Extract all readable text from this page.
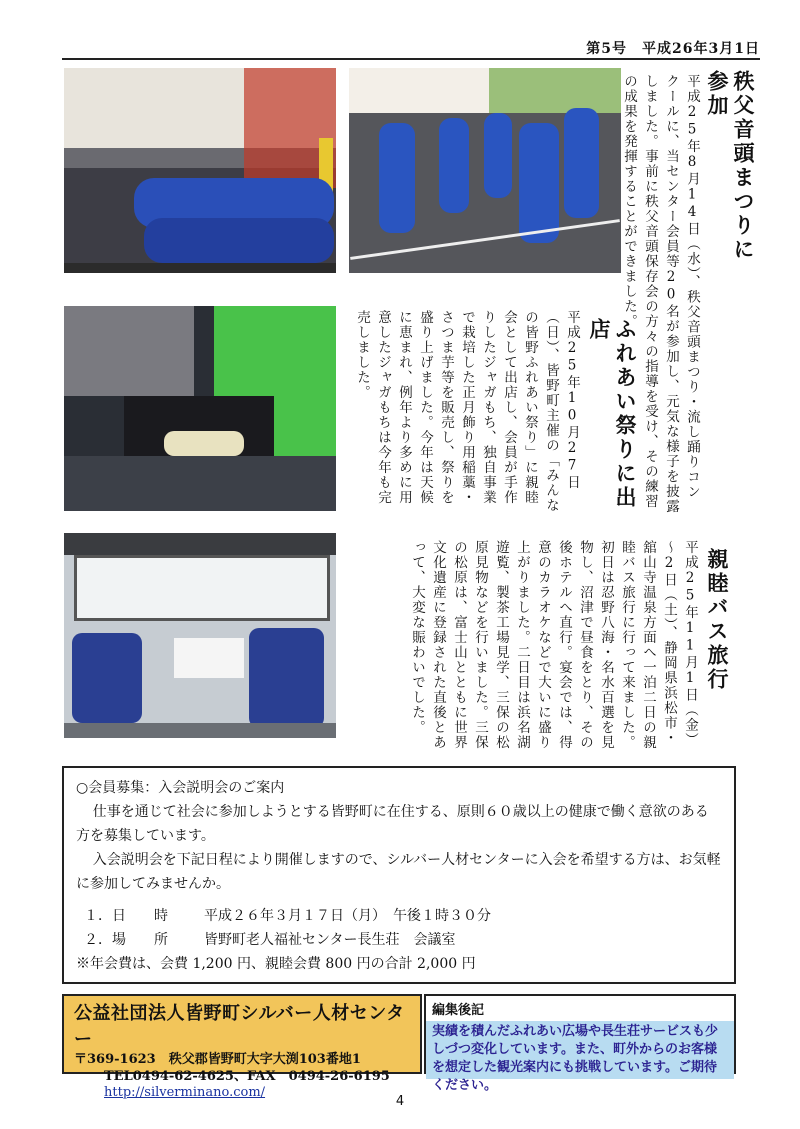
第5号　平成26年3月1日
秩父音頭まつりに参加
平成25年8月14日（水）、秩父音頭まつり・流し踊りコンクールに、当センター会員等20名が参加し、元気な様子を披露しました。事前に秩父音頭保存会の方々の指導を受け、その練習の成果を発揮することができました。
ふれあい祭りに出店
平成25年10月27日（日）、皆野町主催の「みんなの皆野ふれあい祭り」に親睦会として出店し、会員が手作りしたジャガもち、独自事業で栽培した正月飾り用稲藁・さつま芋等を販売し、祭りを盛り上げました。今年は天候に恵まれ、例年より多めに用意したジャガもちは今年も完売しました。
親睦バス旅行
平成25年11月1日（金）～2日（土）、静岡県浜松市・舘山寺温泉方面へ一泊二日の親睦バス旅行に行って来ました。初日は忍野八海・名水百選を見物し、沼津で昼食をとり、その後ホテルへ直行。宴会では、得意のカラオケなどで大いに盛り上がりました。二日目は浜名湖遊覧、製茶工場見学、三保の松原見物などを行いました。三保の松原は、富士山とともに世界文化遺産に登録された直後とあって、大変な賑わいでした。

○会員募集：入会説明会のご案内

仕事を通じて社会に参加しようとする皆野町に在住する、原則６０歳以上の健康で働く意欲のある方を募集しています。

入会説明会を下記日程により開催しますので、シルバー人材センターに入会を希望する方は、お気軽に参加してみませんか。

１．日　　時	平成２６年３月１７日（月）　午後１時３０分
２．場　　所	皆野町老人福祉センター長生荘　会議室

※年会費は、会費 1,200 円、親睦会費 800 円の合計 2,000 円

公益社団法人皆野町シルバー人材センター
〒369-1623　秩父郡皆野町大字大渕103番地1
TEL0494-62-4625、FAX　0494-26-6195
http://silverminano.com/
編集後記
実績を積んだふれあい広場や長生荘サービスも少しづつ変化しています。また、町外からのお客様を想定した観光案内にも挑戦しています。ご期待ください。
4
